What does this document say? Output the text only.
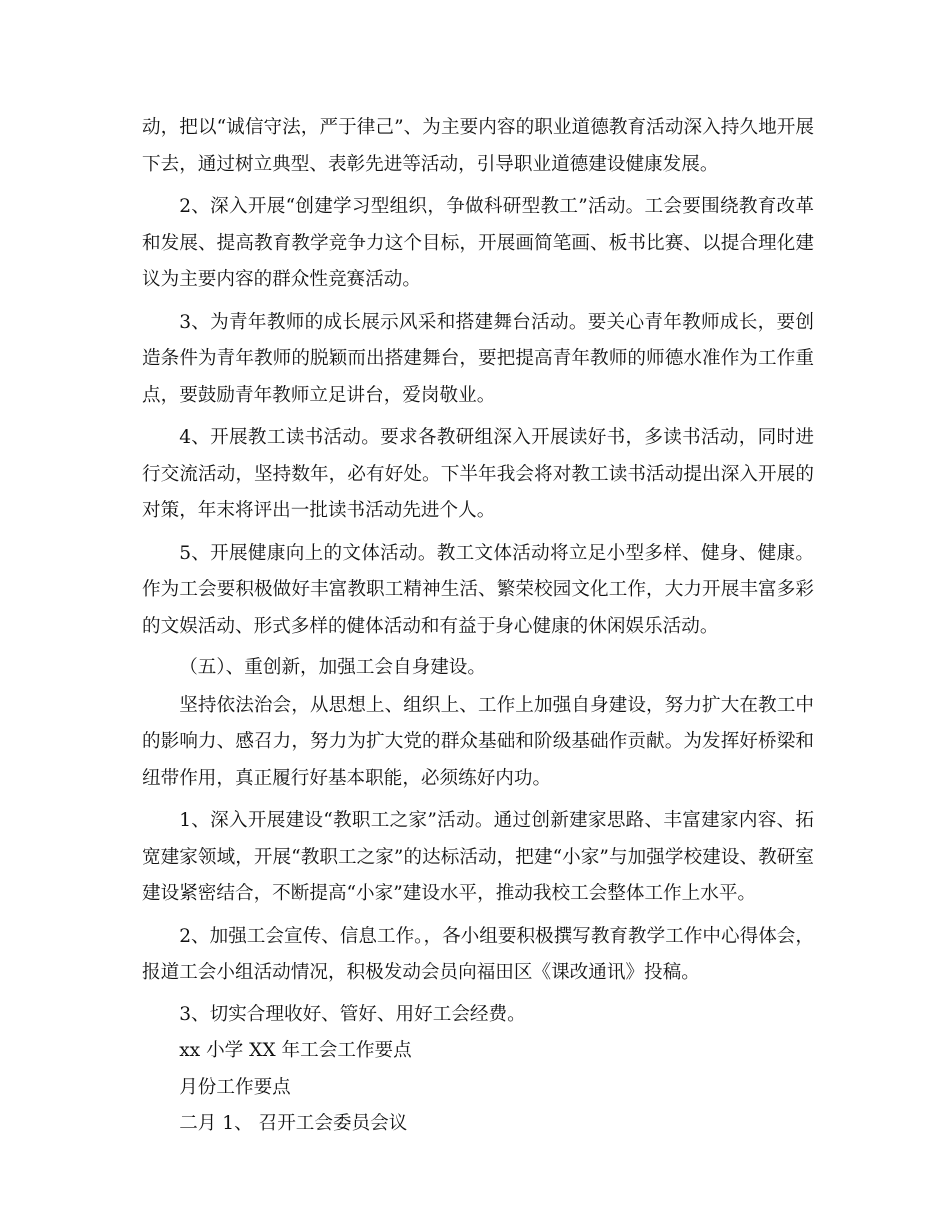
动，把以“诚信守法，严于律己”、为主要内容的职业道德教育活动深入持久地开展下去，通过树立典型、表彰先进等活动，引导职业道德建设健康发展。

2、深入开展“创建学习型组织，争做科研型教工”活动。工会要围绕教育改革和发展、提高教育教学竞争力这个目标，开展画简笔画、板书比赛、以提合理化建议为主要内容的群众性竞赛活动。

3、为青年教师的成长展示风采和搭建舞台活动。要关心青年教师成长，要创造条件为青年教师的脱颖而出搭建舞台，要把提高青年教师的师德水准作为工作重点，要鼓励青年教师立足讲台，爱岗敬业。

4、开展教工读书活动。要求各教研组深入开展读好书，多读书活动，同时进行交流活动，坚持数年，必有好处。下半年我会将对教工读书活动提出深入开展的对策，年末将评出一批读书活动先进个人。

5、开展健康向上的文体活动。教工文体活动将立足小型多样、健身、健康。作为工会要积极做好丰富教职工精神生活、繁荣校园文化工作，大力开展丰富多彩的文娱活动、形式多样的健体活动和有益于身心健康的休闲娱乐活动。

（五）、重创新，加强工会自身建设。

坚持依法治会，从思想上、组织上、工作上加强自身建设，努力扩大在教工中的影响力、感召力，努力为扩大党的群众基础和阶级基础作贡献。为发挥好桥梁和纽带作用，真正履行好基本职能，必须练好内功。

1、深入开展建设“教职工之家”活动。通过创新建家思路、丰富建家内容、拓宽建家领域，开展“教职工之家”的达标活动，把建“小家”与加强学校建设、教研室建设紧密结合，不断提高“小家”建设水平，推动我校工会整体工作上水平。

2、加强工会宣传、信息工作。，各小组要积极撰写教育教学工作中心得体会，报道工会小组活动情况，积极发动会员向福田区《课改通讯》投稿。

3、切实合理收好、管好、用好工会经费。

xx 小学 XX 年工会工作要点

月份工作要点

二月 1、 召开工会委员会议
